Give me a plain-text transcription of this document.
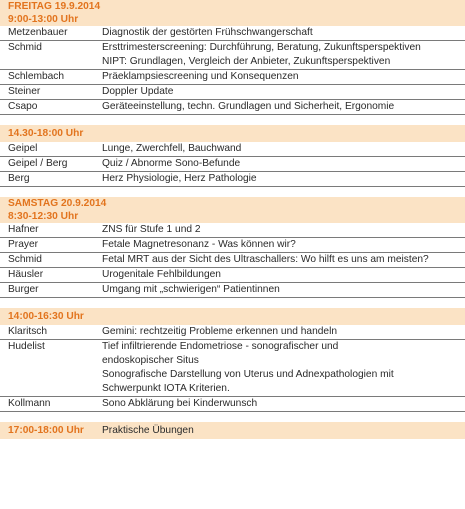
FREITAG 19.9.2014
9:00-13:00 Uhr
Metzenbauer	Diagnostik der gestörten Frühschwangerschaft
Schmid	Ersttrimesterscreening: Durchführung, Beratung, Zukunftsperspektiven
NIPT: Grundlagen, Vergleich der Anbieter, Zukunftsperspektiven
Schlembach	Präeklampsiescreening und Konsequenzen
Steiner	Doppler Update
Csapo	Geräteeinstellung, techn. Grundlagen und Sicherheit, Ergonomie
14.30-18:00 Uhr
Geipel	Lunge, Zwerchfell, Bauchwand
Geipel / Berg	Quiz / Abnorme Sono-Befunde
Berg	Herz Physiologie, Herz Pathologie
SAMSTAG 20.9.2014
8:30-12:30 Uhr
Hafner	ZNS für Stufe 1 und 2
Prayer	Fetale Magnetresonanz - Was können wir?
Schmid	Fetal MRT aus der Sicht des Ultraschallers: Wo hilft es uns am meisten?
Häusler	Urogenitale Fehlbildungen
Burger	Umgang mit „schwierigen“ Patientinnen
14:00-16:30 Uhr
Klaritsch	Gemini: rechtzeitig Probleme erkennen und handeln
Hudelist	Tief infiltrierende Endometriose - sonografischer und
endoskopischer Situs
Sonografische Darstellung von Uterus und Adnexpathologien mit
Schwerpunkt IOTA Kriterien.
Kollmann	Sono Abklärung bei Kinderwunsch
17:00-18:00 Uhr	Praktische Übungen
